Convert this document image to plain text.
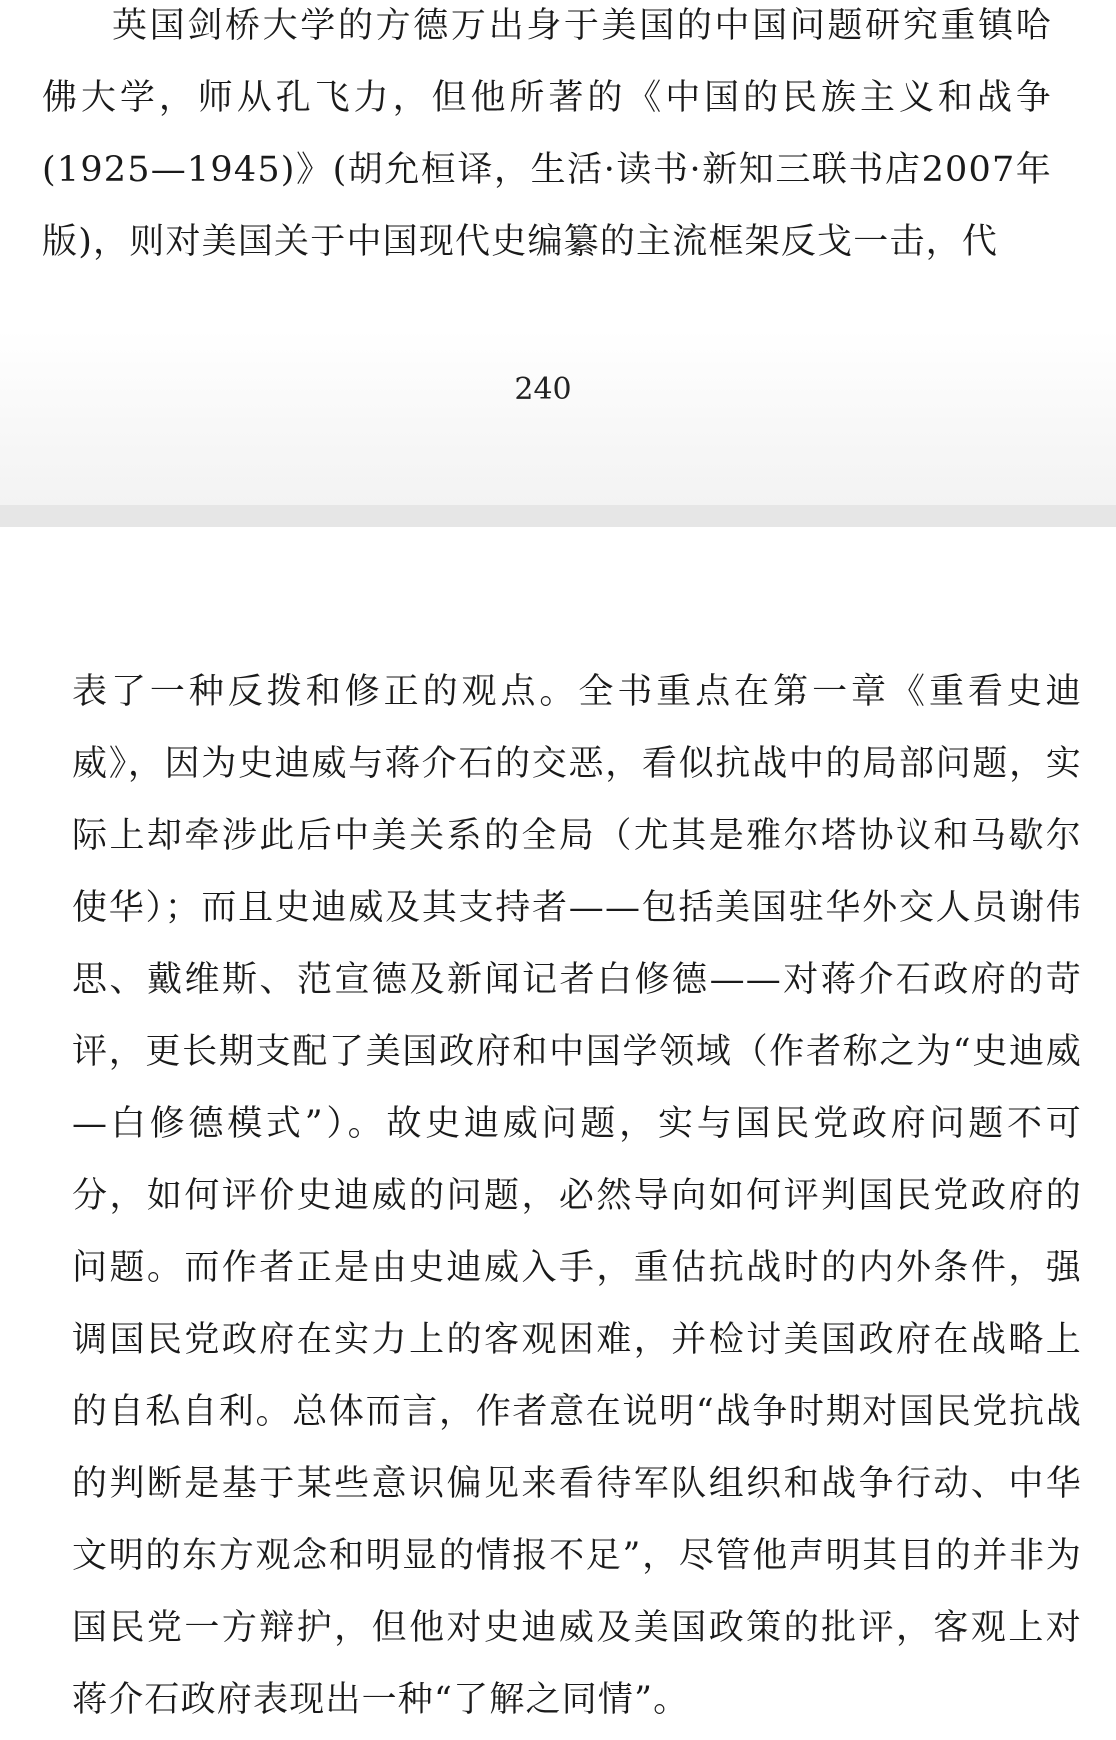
英国剑桥大学的方德万出身于美国的中国问题研究重镇哈佛大学，师从孔飞力，但他所著的《中国的民族主义和战争(1925—1945)》(胡允桓译，生活·读书·新知三联书店2007年版)，则对美国关于中国现代史编纂的主流框架反戈一击，代

240

表了一种反拨和修正的观点。全书重点在第一章《重看史迪威》，因为史迪威与蒋介石的交恶，看似抗战中的局部问题，实际上却牵涉此后中美关系的全局（尤其是雅尔塔协议和马歇尔使华）；而且史迪威及其支持者——包括美国驻华外交人员谢伟思、戴维斯、范宣德及新闻记者白修德——对蒋介石政府的苛评，更长期支配了美国政府和中国学领域（作者称之为“史迪威—白修德模式”）。故史迪威问题，实与国民党政府问题不可分，如何评价史迪威的问题，必然导向如何评判国民党政府的问题。而作者正是由史迪威入手，重估抗战时的内外条件，强调国民党政府在实力上的客观困难，并检讨美国政府在战略上的自私自利。总体而言，作者意在说明“战争时期对国民党抗战的判断是基于某些意识偏见来看待军队组织和战争行动、中华文明的东方观念和明显的情报不足”，尽管他声明其目的并非为国民党一方辩护，但他对史迪威及美国政策的批评，客观上对蒋介石政府表现出一种“了解之同情”。
